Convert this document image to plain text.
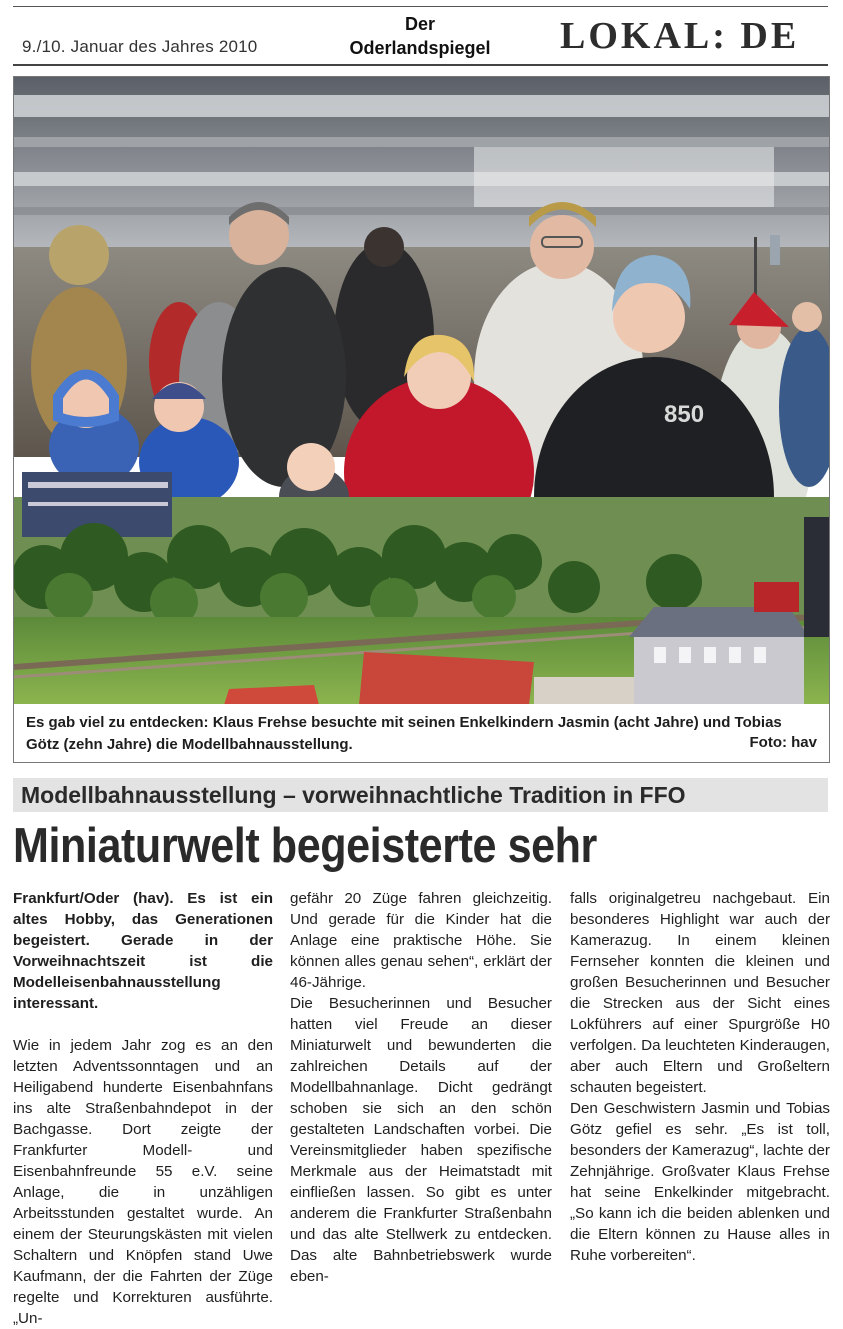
9./10. Januar des Jahres 2010
Der
Oderlandspiegel	LOKAL: DE
850
Es gab viel zu entdecken: Klaus Frehse besuchte mit seinen Enkelkindern Jasmin (acht Jahre) und Tobias Götz (zehn Jahre) die Modellbahnausstellung.	Foto: hav
Modellbahnausstellung – vorweihnachtliche Tradition in FFO
Miniaturwelt begeisterte sehr

Frankfurt/Oder (hav). Es ist ein altes Hobby, das Generationen begeistert. Gerade in der Vorweihnachtszeit ist die Modelleisenbahnausstellung interessant.

Wie in jedem Jahr zog es an den letzten Adventssonntagen und an Heiligabend hunderte Eisenbahnfans ins alte Straßenbahndepot in der Bachgasse. Dort zeigte der Frankfurter Modell- und Eisenbahnfreunde 55 e.V. seine Anlage, die in unzähligen Arbeitsstunden gestaltet wurde. An einem der Steurungskästen mit vielen Schaltern und Knöpfen stand Uwe Kaufmann, der die Fahrten der Züge regelte und Korrekturen ausführte. „Un-

gefähr 20 Züge fahren gleichzeitig. Und gerade für die Kinder hat die Anlage eine praktische Höhe. Sie können alles genau sehen“, erklärt der 46-Jährige.

Die Besucherinnen und Besucher hatten viel Freude an dieser Miniaturwelt und bewunderten die zahlreichen Details auf der Modellbahnanlage. Dicht gedrängt schoben sie sich an den schön gestalteten Landschaften vorbei. Die Vereinsmitglieder haben spezifische Merkmale aus der Heimatstadt mit einfließen lassen. So gibt es unter anderem die Frankfurter Straßenbahn und das alte Stellwerk zu entdecken. Das alte Bahnbetriebswerk wurde eben-

falls originalgetreu nachgebaut. Ein besonderes Highlight war auch der Kamerazug. In einem kleinen Fernseher konnten die kleinen und großen Besucherinnen und Besucher die Strecken aus der Sicht eines Lokführers auf einer Spurgröße H0 verfolgen. Da leuchteten Kinderaugen, aber auch Eltern und Großeltern schauten begeistert.

Den Geschwistern Jasmin und Tobias Götz gefiel es sehr. „Es ist toll, besonders der Kamerazug“, lachte der Zehnjährige. Großvater Klaus Frehse hat seine Enkelkinder mitgebracht. „So kann ich die beiden ablenken und die Eltern können zu Hause alles in Ruhe vorbereiten“.
